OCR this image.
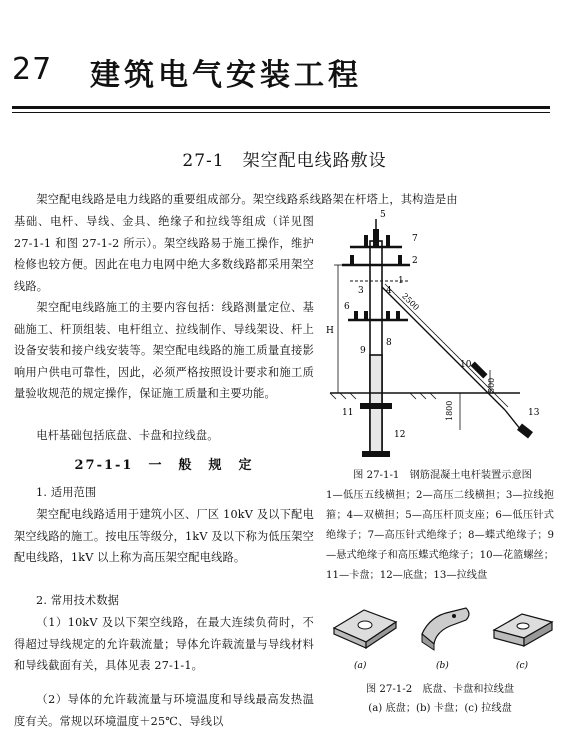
27 建筑电气安装工程
27-1　架空配电线路敷设

架空配电线路是电力线路的重要组成部分。架空线路系线路架在杆塔上，其构造是由

基础、电杆、导线、金具、绝缘子和拉线等组成（详见图 27-1-1 和图 27-1-2 所示）。架空线路易于施工操作，维护检修也较方便。因此在电力电网中绝大多数线路都采用架空线路。

架空配电线路施工的主要内容包括：线路测量定位、基础施工、杆顶组装、电杆组立、拉线制作、导线架设、杆上设备安装和接户线安装等。架空配电线路的施工质量直接影响用户供电可靠性，因此，必须严格按照设计要求和施工质量验收规范的规定操作，保证施工质量和主要功能。

电杆基础包括底盘、卡盘和拉线盘。

27-1-1　一　般　规　定

1. 适用范围

架空配电线路适用于建筑小区、厂区 10kV 及以下配电架空线路的施工。按电压等级分，1kV 及以下称为低压架空配电线路，1kV 以上称为高压架空配电线路。

2. 常用技术数据

（1）10kV 及以下架空线路，在最大连续负荷时，不得超过导线规定的允许载流量；导体允许载流量与导线材料和导线截面有关，具体见表 27-1-1。

（2）导体的允许载流量与环境温度和导线最高发热温度有关。常规以环境温度＋25℃、导线以

5
7
2
1
3 4
6
8
9
10
11
12
13
2500
1800
500
H

图 27-1-1　钢筋混凝土电杆装置示意图

1—低压五线横担；2—高压二线横担；3—拉线抱箍；4—双横担；5—高压杆顶支座；6—低压针式绝缘子；7—高压针式绝缘子；8—蝶式绝缘子；9—悬式绝缘子和高压蝶式绝缘子；10—花篮螺丝；11—卡盘；12—底盘；13—拉线盘

(a)	(b)	(c)

图 27-1-2　底盘、卡盘和拉线盘

(a) 底盘；(b) 卡盘；(c) 拉线盘
